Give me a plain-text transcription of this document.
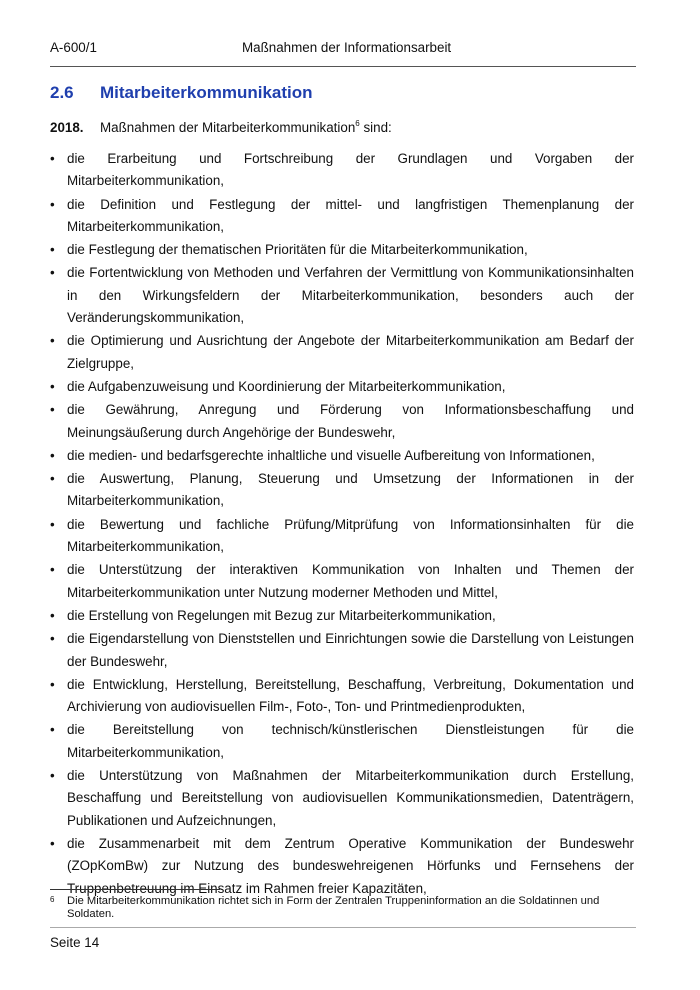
A-600/1	Maßnahmen der Informationsarbeit
2.6 Mitarbeiterkommunikation
2018. Maßnahmen der Mitarbeiterkommunikation$^6$ sind:
• die Erarbeitung und Fortschreibung der Grundlagen und Vorgaben der Mitarbeiterkommunikation,
• die Definition und Festlegung der mittel- und langfristigen Themenplanung der Mitarbeiterkommunikation,
• die Festlegung der thematischen Prioritäten für die Mitarbeiterkommunikation,
• die Fortentwicklung von Methoden und Verfahren der Vermittlung von Kommunikationsinhalten in den Wirkungsfeldern der Mitarbeiterkommunikation, besonders auch der Veränderungskommunikation,
• die Optimierung und Ausrichtung der Angebote der Mitarbeiterkommunikation am Bedarf der Zielgruppe,
• die Aufgabenzuweisung und Koordinierung der Mitarbeiterkommunikation,
• die Gewährung, Anregung und Förderung von Informationsbeschaffung und Meinungsäußerung durch Angehörige der Bundeswehr,
• die medien- und bedarfsgerechte inhaltliche und visuelle Aufbereitung von Informationen,
• die Auswertung, Planung, Steuerung und Umsetzung der Informationen in der Mitarbeiterkommunikation,
• die Bewertung und fachliche Prüfung/Mitprüfung von Informationsinhalten für die Mitarbeiterkommunikation,
• die Unterstützung der interaktiven Kommunikation von Inhalten und Themen der Mitarbeiterkommunikation unter Nutzung moderner Methoden und Mittel,
• die Erstellung von Regelungen mit Bezug zur Mitarbeiterkommunikation,
• die Eigendarstellung von Dienststellen und Einrichtungen sowie die Darstellung von Leistungen der Bundeswehr,
• die Entwicklung, Herstellung, Bereitstellung, Beschaffung, Verbreitung, Dokumentation und Archivierung von audiovisuellen Film-, Foto-, Ton- und Printmedienprodukten,
• die Bereitstellung von technisch/künstlerischen Dienstleistungen für die Mitarbeiterkommunikation,
• die Unterstützung von Maßnahmen der Mitarbeiterkommunikation durch Erstellung, Beschaffung und Bereitstellung von audiovisuellen Kommunikationsmedien, Datenträgern, Publikationen und Aufzeichnungen,
• die Zusammenarbeit mit dem Zentrum Operative Kommunikation der Bundeswehr (ZOpKomBw) zur Nutzung des bundeswehreigenen Hörfunks und Fernsehens der Truppenbetreuung im Einsatz im Rahmen freier Kapazitäten,
6	Die Mitarbeiterkommunikation richtet sich in Form der Zentralen Truppeninformation an die Soldatinnen und Soldaten.
Seite 14
